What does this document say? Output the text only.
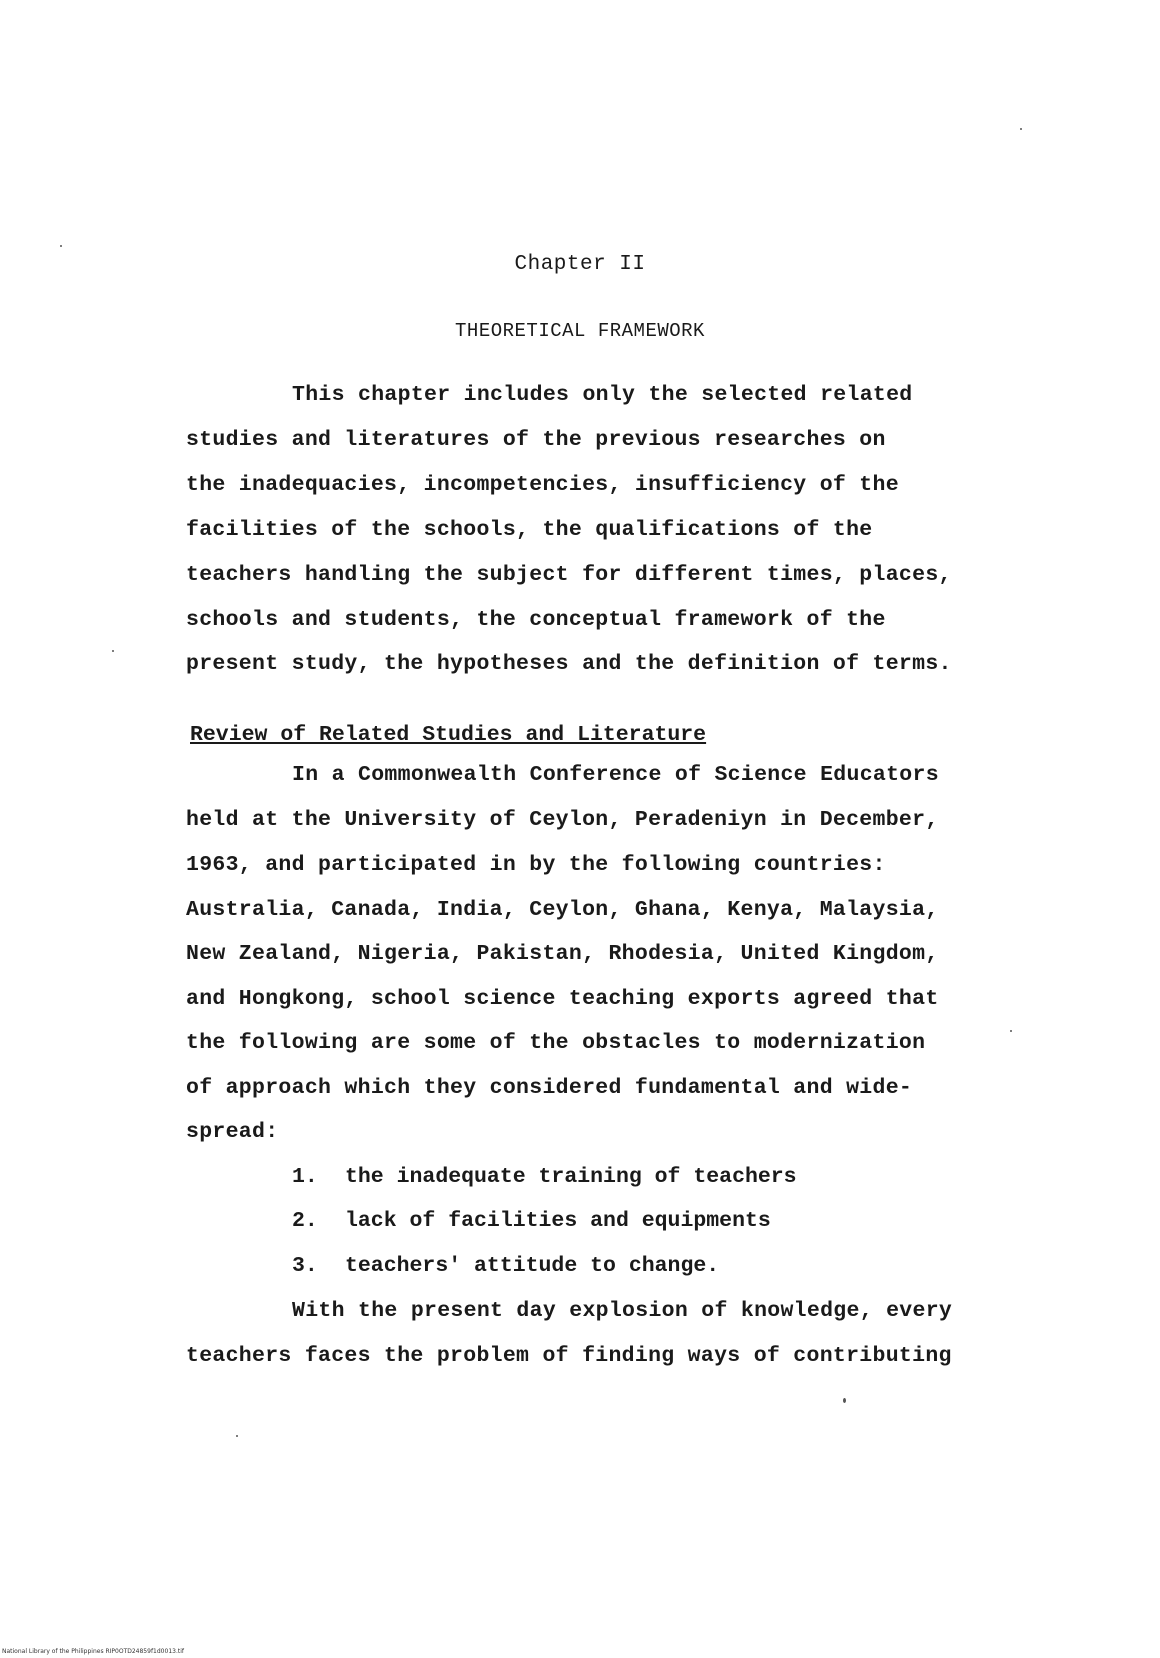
Chapter II
THEORETICAL FRAMEWORK
This chapter includes only the selected related
studies and literatures of the previous researches on
the inadequacies, incompetencies, insufficiency of the
facilities of the schools, the qualifications of the
teachers handling the subject for different times, places,
schools and students, the conceptual framework of the
present study, the hypotheses and the definition of terms.
Review of Related Studies and Literature
In a Commonwealth Conference of Science Educators
held at the University of Ceylon, Peradeniyn in December,
1963, and participated in by the following countries:
Australia, Canada, India, Ceylon, Ghana, Kenya, Malaysia,
New Zealand, Nigeria, Pakistan, Rhodesia, United Kingdom,
and Hongkong, school science teaching exports agreed that
the following are some of the obstacles to modernization
of approach which they considered fundamental and wide-
spread:
1. the inadequate training of teachers
2. lack of facilities and equipments
3. teachers' attitude to change.
With the present day explosion of knowledge, every
teachers faces the problem of finding ways of contributing
National Library of the Philippines RIP0OTD24859f1d0013.tif
